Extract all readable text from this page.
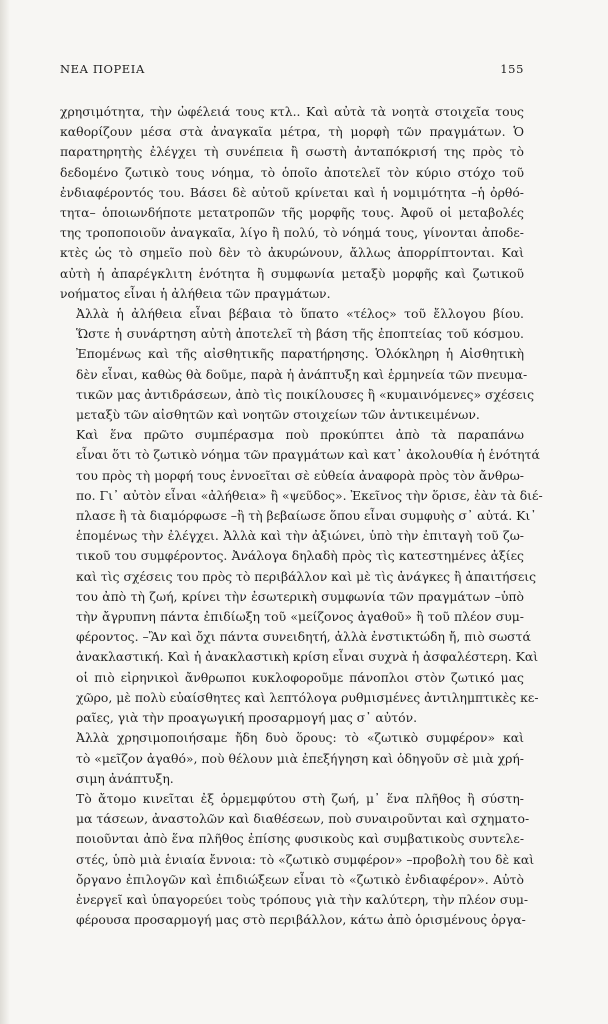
ΝΕΑ ΠΟΡΕΙΑ	155

χρησιμότητα, τὴν ὠφέλειά τους κτλ.. Καὶ αὐτὰ τὰ νοητὰ στοιχεῖα τους
καθορίζουν μέσα στὰ ἀναγκαῖα μέτρα, τὴ μορφὴ τῶν πραγμάτων. Ὁ
παρατηρητὴς ἐλέγχει τὴ συνέπεια ἢ σωστὴ ἀνταπόκρισή της πρὸς τὸ
δεδομένο ζωτικὸ τους νόημα, τὸ ὁποῖο ἀποτελεῖ τὸν κύριο στόχο τοῦ
ἐνδιαφέροντός του. Βάσει δὲ αὐτοῦ κρίνεται καὶ ἡ νομιμότητα –ἡ ὀρθό-
τητα– ὁποιωνδήποτε μετατροπῶν τῆς μορφῆς τους. Ἀφοῦ οἱ μεταβολές
της τροποποιοῦν ἀναγκαῖα, λίγο ἢ πολύ, τὸ νόημά τους, γίνονται ἀποδε-
κτὲς ὡς τὸ σημεῖο ποὺ δὲν τὸ ἀκυρώνουν, ἄλλως ἀπορρίπτονται. Καὶ
αὐτὴ ἡ ἀπαρέγκλιτη ἑνότητα ἢ συμφωνία μεταξὺ μορφῆς καὶ ζωτικοῦ
νοήματος εἶναι ἡ ἀλήθεια τῶν πραγμάτων.

Ἀλλὰ ἡ ἀλήθεια εἶναι βέβαια τὸ ὕπατο «τέλος» τοῦ ἔλλογου βίου.
Ὥστε ἡ συνάρτηση αὐτὴ ἀποτελεῖ τὴ βάση τῆς ἐποπτείας τοῦ κόσμου.
Ἐπομένως καὶ τῆς αἰσθητικῆς παρατήρησης. Ὁλόκληρη ἡ Αἰσθητικὴ
δὲν εἶναι, καθὼς θὰ δοῦμε, παρὰ ἡ ἀνάπτυξη καὶ ἑρμηνεία τῶν πνευμα-
τικῶν μας ἀντιδράσεων, ἀπὸ τὶς ποικίλουσες ἢ «κυμαινόμενες» σχέσεις
μεταξὺ τῶν αἰσθητῶν καὶ νοητῶν στοιχείων τῶν ἀντικειμένων.

Καὶ ἕνα πρῶτο συμπέρασμα ποὺ προκύπτει ἀπὸ τὰ παραπάνω
εἶναι ὅτι τὸ ζωτικὸ νόημα τῶν πραγμάτων καὶ κατ᾽ ἀκολουθία ἡ ἑνότητά
του πρὸς τὴ μορφή τους ἐννοεῖται σὲ εὐθεία ἀναφορὰ πρὸς τὸν ἄνθρω-
πο. Γι᾽ αὐτὸν εἶναι «ἀλήθεια» ἢ «ψεῦδος». Ἐκεῖνος τὴν ὅρισε, ἐὰν τὰ διέ-
πλασε ἢ τὰ διαμόρφωσε –ἢ τὴ βεβαίωσε ὅπου εἶναι συμφυὴς σ᾽ αὐτά. Κι᾽
ἑπομένως τὴν ἐλέγχει. Ἀλλὰ καὶ τὴν ἀξιώνει, ὑπὸ τὴν ἐπιταγὴ τοῦ ζω-
τικοῦ του συμφέροντος. Ἀνάλογα δηλαδὴ πρὸς τὶς κατεστημένες ἀξίες
καὶ τὶς σχέσεις του πρὸς τὸ περιβάλλον καὶ μὲ τὶς ἀνάγκες ἢ ἀπαιτήσεις
του ἀπὸ τὴ ζωή, κρίνει τὴν ἐσωτερικὴ συμφωνία τῶν πραγμάτων –ὑπὸ
τὴν ἄγρυπνη πάντα ἐπιδίωξη τοῦ «μείζονος ἀγαθοῦ» ἢ τοῦ πλέον συμ-
φέροντος. –Ἂν καὶ ὄχι πάντα συνειδητή, ἀλλὰ ἐνστικτώδη ἤ, πιὸ σωστά
ἀνακλαστική. Καὶ ἡ ἀνακλαστικὴ κρίση εἶναι συχνὰ ἡ ἀσφαλέστερη. Καὶ
οἱ πιὸ εἰρηνικοὶ ἄνθρωποι κυκλοφοροῦμε πάνοπλοι στὸν ζωτικό μας
χῶρο, μὲ πολὺ εὐαίσθητες καὶ λεπτόλογα ρυθμισμένες ἀντιλημπτικὲς κε-
ραῖες, γιὰ τὴν προαγωγική προσαρμογή μας σ᾽ αὐτόν.

Ἀλλὰ χρησιμοποιήσαμε ἤδη δυὸ ὅρους: τὸ «ζωτικὸ συμφέρον» καὶ
τὸ «μεῖζον ἀγαθό», ποὺ θέλουν μιὰ ἐπεξήγηση καὶ ὁδηγοῦν σὲ μιὰ χρή-
σιμη ἀνάπτυξη.

Τὸ ἄτομο κινεῖται ἐξ ὁρμεμφύτου στὴ ζωή, μ᾽ ἕνα πλῆθος ἢ σύστη-
μα τάσεων, ἀναστολῶν καὶ διαθέσεων, ποὺ συναιροῦνται καὶ σχηματο-
ποιοῦνται ἀπὸ ἕνα πλῆθος ἐπίσης φυσικοὺς καὶ συμβατικοὺς συντελε-
στές, ὑπὸ μιὰ ἑνιαία ἔννοια: τὸ «ζωτικὸ συμφέρον» –προβολὴ του δὲ καὶ
ὄργανο ἐπιλογῶν καὶ ἐπιδιώξεων εἶναι τὸ «ζωτικὸ ἐνδιαφέρον». Αὐτὸ
ἐνεργεῖ καὶ ὑπαγορεύει τοὺς τρόπους γιὰ τὴν καλύτερη, τὴν πλέον συμ-
φέρουσα προσαρμογή μας στὸ περιβάλλον, κάτω ἀπὸ ὁρισμένους ὀργα-
